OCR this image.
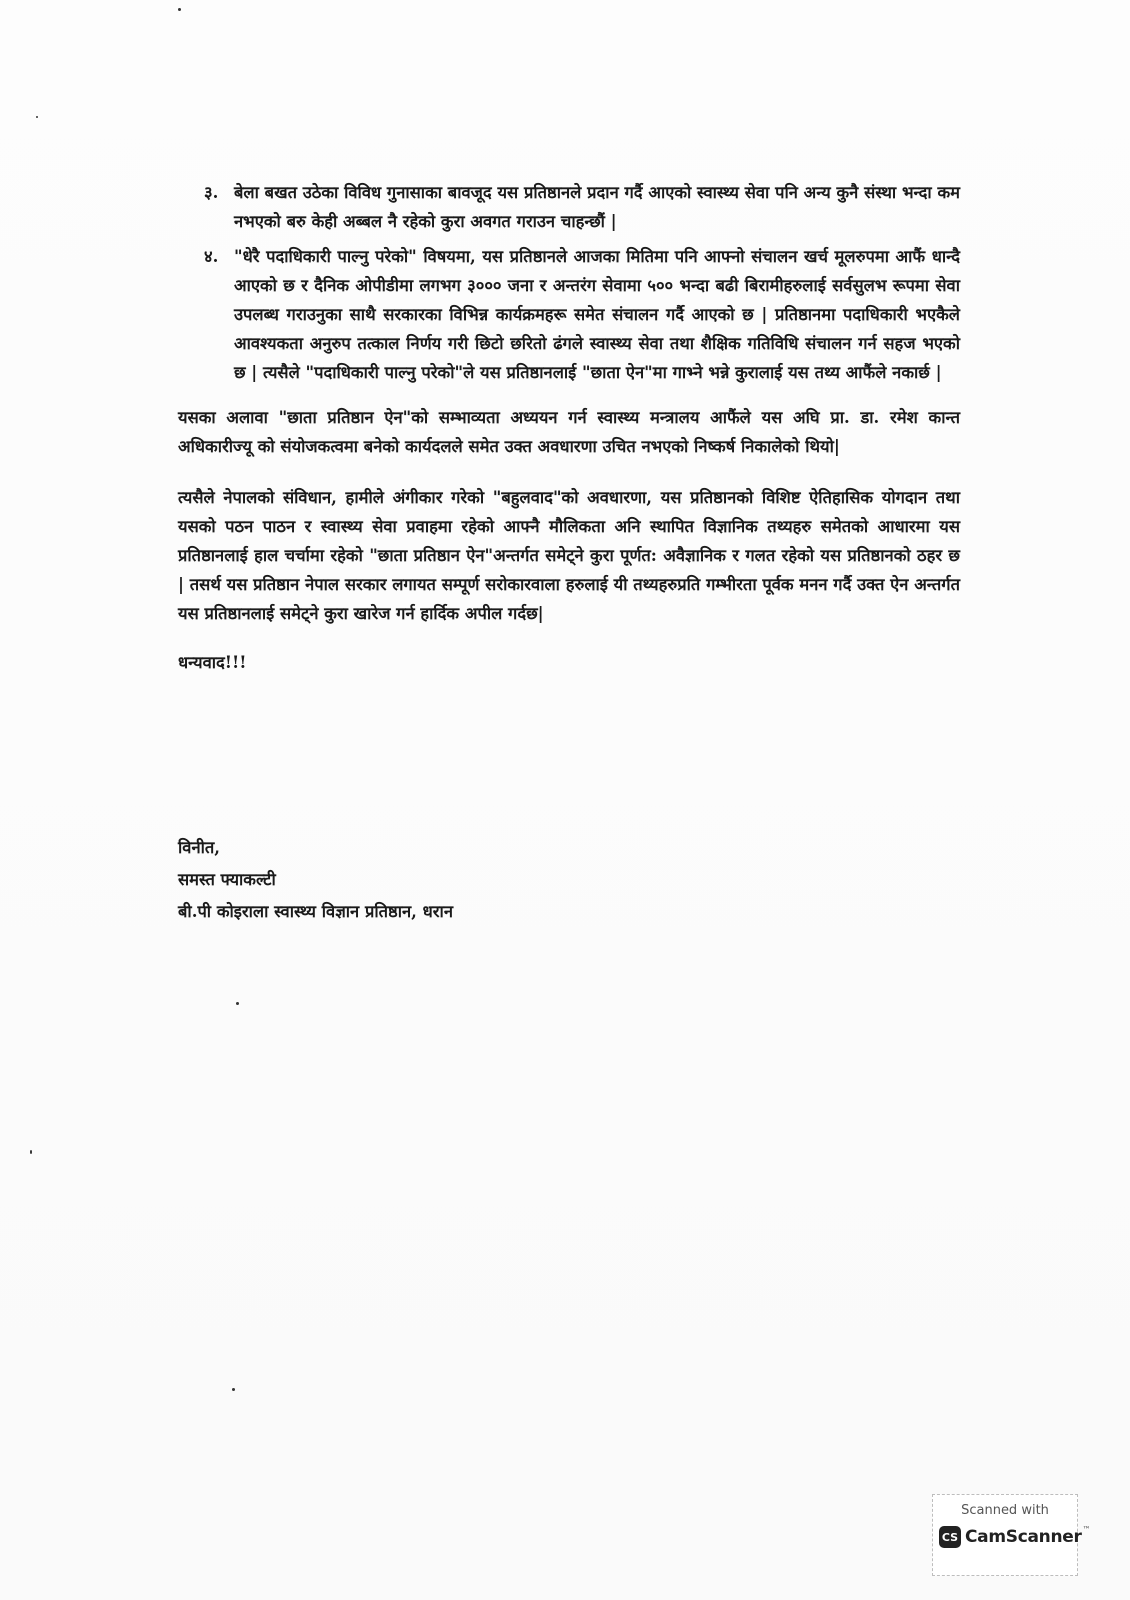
३. बेला बखत उठेका विविध गुनासाका बावजूद यस प्रतिष्ठानले प्रदान गर्दै आएको स्वास्थ्य सेवा पनि अन्य कुनै संस्था भन्दा कम नभएको बरु केही अब्बल नै रहेको कुरा अवगत गराउन चाहन्छौं |
४. "धेरै पदाधिकारी पाल्नु परेको" विषयमा, यस प्रतिष्ठानले आजका मितिमा पनि आफ्नो संचालन खर्च मूलरुपमा आफैं धान्दै आएको छ र दैनिक ओपीडीमा लगभग ३००० जना र अन्तरंग सेवामा ५०० भन्दा बढी बिरामीहरुलाई सर्वसुलभ रूपमा सेवा उपलब्ध गराउनुका साथै सरकारका विभिन्न कार्यक्रमहरू समेत संचालन गर्दै आएको छ | प्रतिष्ठानमा पदाधिकारी भएकैले आवश्यकता अनुरुप तत्काल निर्णय गरी छिटो छरितो ढंगले स्वास्थ्य सेवा तथा शैक्षिक गतिविधि संचालन गर्न सहज भएको छ | त्यसैले "पदाधिकारी पाल्नु परेको"ले यस प्रतिष्ठानलाई "छाता ऐन"मा गाभ्ने भन्ने कुरालाई यस तथ्य आफैंले नकार्छ |

यसका अलावा "छाता प्रतिष्ठान ऐन"को सम्भाव्यता अध्ययन गर्न स्वास्थ्य मन्त्रालय आफैंले यस अघि प्रा. डा. रमेश कान्त अधिकारीज्यू को संयोजकत्वमा बनेको कार्यदलले समेत उक्त अवधारणा उचित नभएको निष्कर्ष निकालेको थियो|

त्यसैले नेपालको संविधान, हामीले अंगीकार गरेको "बहुलवाद"को अवधारणा, यस प्रतिष्ठानको विशिष्ट ऐतिहासिक योगदान तथा यसको पठन पाठन र स्वास्थ्य सेवा प्रवाहमा रहेको आफ्नै मौलिकता अनि स्थापित विज्ञानिक तथ्यहरु समेतको आधारमा यस प्रतिष्ठानलाई हाल चर्चामा रहेको "छाता प्रतिष्ठान ऐन"अन्तर्गत समेट्ने कुरा पूर्णत: अवैज्ञानिक र गलत रहेको यस प्रतिष्ठानको ठहर छ | तसर्थ यस प्रतिष्ठान नेपाल सरकार लगायत सम्पूर्ण सरोकारवाला हरुलाई यी तथ्यहरुप्रति गम्भीरता पूर्वक मनन गर्दै उक्त ऐन अन्तर्गत यस प्रतिष्ठानलाई समेट्ने कुरा खारेज गर्न हार्दिक अपील गर्दछ|

धन्यवाद!!!
विनीत,
समस्त फ्याकल्टी
बी.पी कोइराला स्वास्थ्य विज्ञान प्रतिष्ठान, धरान
Scanned with
CS CamScanner ™
